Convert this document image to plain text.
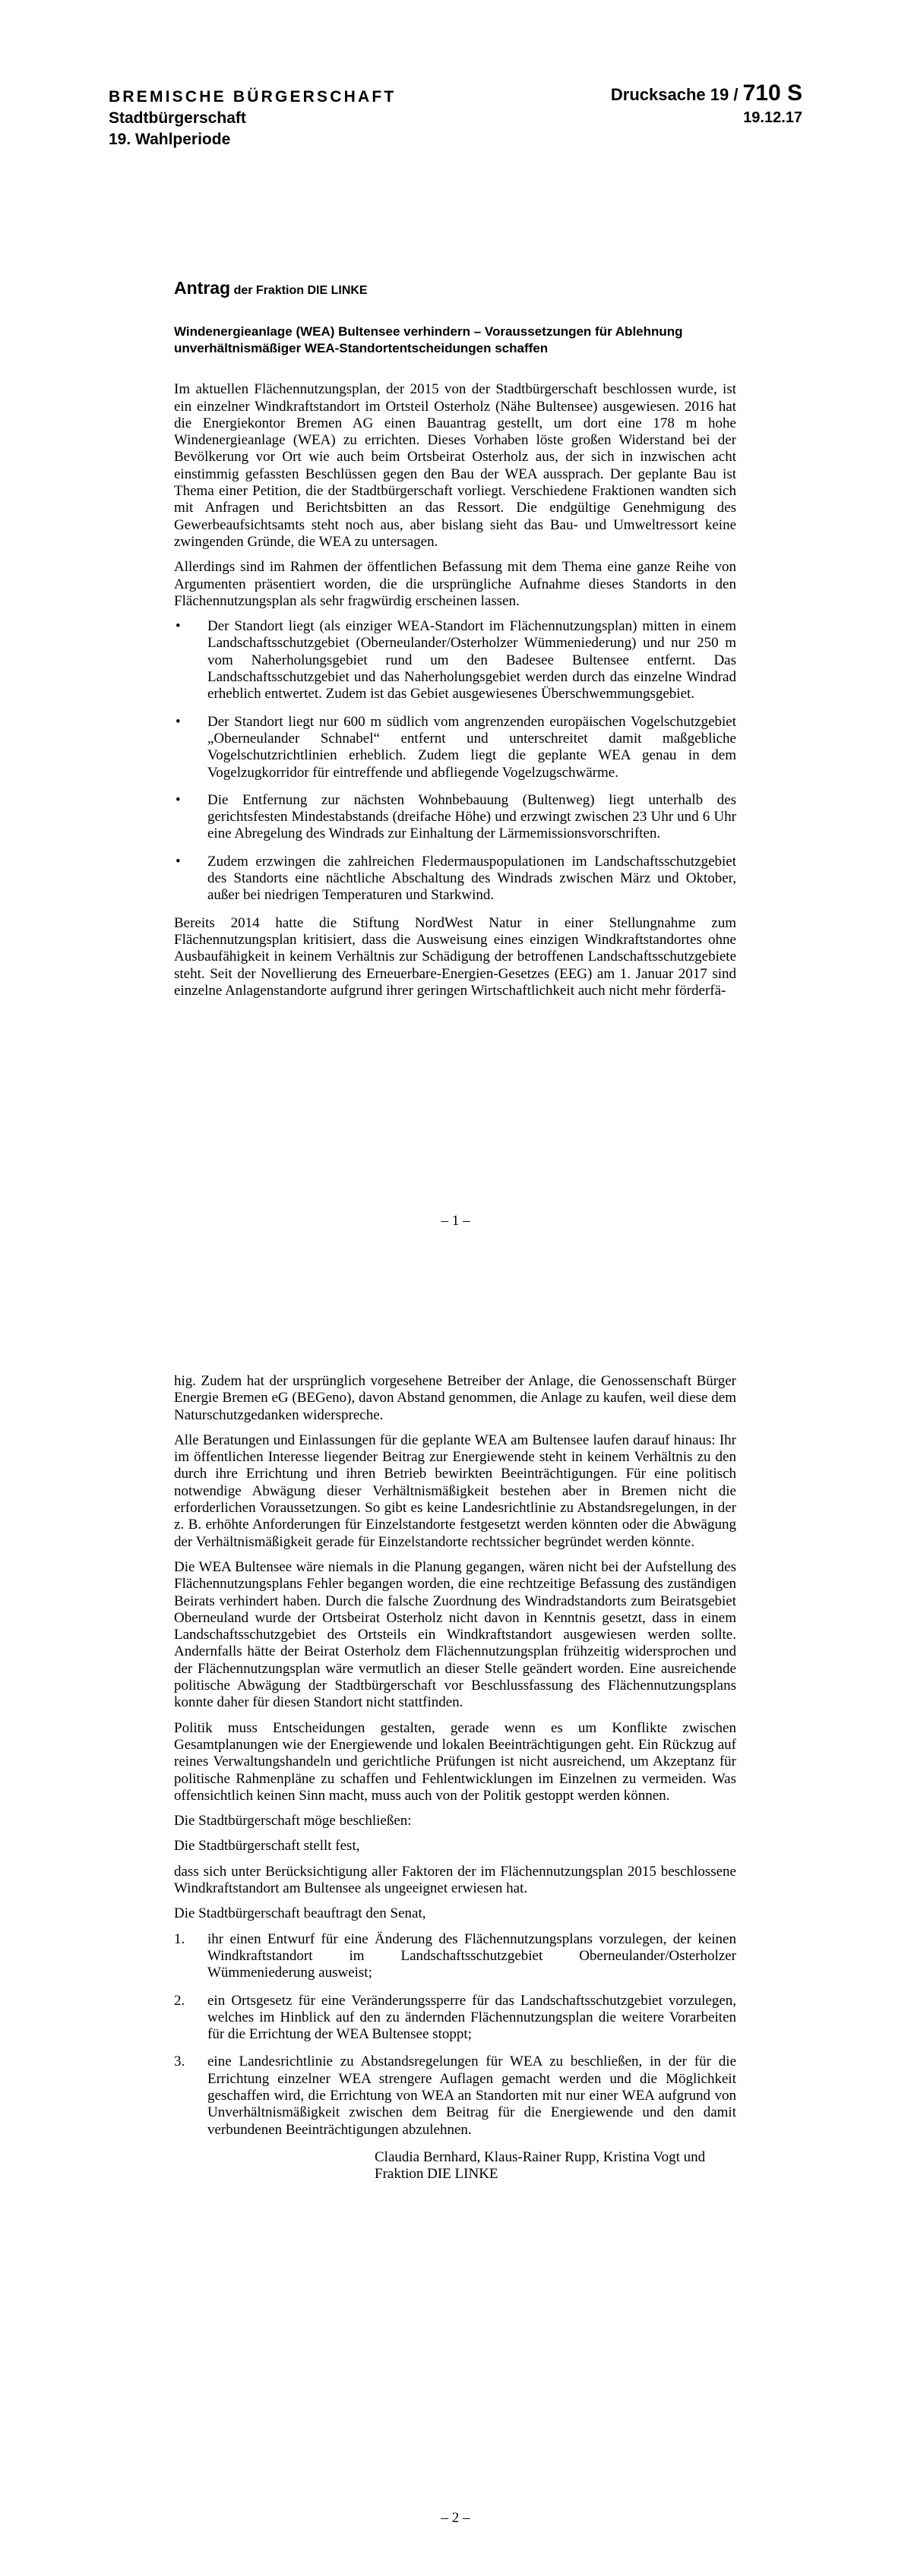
BREMISCHE BÜRGERSCHAFT
Stadtbürgerschaft
19. Wahlperiode
Drucksache 19 / 710 S
19.12.17
Antrag der Fraktion DIE LINKE
Windenergieanlage (WEA) Bultensee verhindern – Voraussetzungen für Ablehnung unverhältnismäßiger WEA-Standortentscheidungen schaffen

Im aktuellen Flächennutzungsplan, der 2015 von der Stadtbürgerschaft beschlossen wurde, ist ein einzelner Windkraftstandort im Ortsteil Osterholz (Nähe Bultensee) ausgewiesen. 2016 hat die Energiekontor Bremen AG einen Bauantrag gestellt, um dort eine 178 m hohe Windenergieanlage (WEA) zu errichten. Dieses Vorhaben löste großen Widerstand bei der Bevölkerung vor Ort wie auch beim Ortsbeirat Osterholz aus, der sich in inzwischen acht einstimmig gefassten Beschlüssen gegen den Bau der WEA aussprach. Der geplante Bau ist Thema einer Petition, die der Stadtbürgerschaft vorliegt. Verschiedene Fraktionen wandten sich mit Anfragen und Berichtsbitten an das Ressort. Die endgültige Genehmigung des Gewerbeaufsichtsamts steht noch aus, aber bislang sieht das Bau- und Umweltressort keine zwingenden Gründe, die WEA zu untersagen.

Allerdings sind im Rahmen der öffentlichen Befassung mit dem Thema eine ganze Reihe von Argumenten präsentiert worden, die die ursprüngliche Aufnahme dieses Standorts in den Flächennutzungsplan als sehr fragwürdig erscheinen lassen.

• Der Standort liegt (als einziger WEA-Standort im Flächennutzungsplan) mitten in einem Landschaftsschutzgebiet (Oberneulander/Osterholzer Wümmeniederung) und nur 250 m vom Naherholungsgebiet rund um den Badesee Bultensee entfernt. Das Landschaftsschutzgebiet und das Naherholungsgebiet werden durch das einzelne Windrad erheblich entwertet. Zudem ist das Gebiet ausgewiesenes Überschwemmungsgebiet.
• Der Standort liegt nur 600 m südlich vom angrenzenden europäischen Vogelschutzgebiet „Oberneulander Schnabel“ entfernt und unterschreitet damit maßgebliche Vogelschutzrichtlinien erheblich. Zudem liegt die geplante WEA genau in dem Vogelzugkorridor für eintreffende und abfliegende Vogelzugschwärme.
• Die Entfernung zur nächsten Wohnbebauung (Bultenweg) liegt unterhalb des gerichtsfesten Mindestabstands (dreifache Höhe) und erzwingt zwischen 23 Uhr und 6 Uhr eine Abregelung des Windrads zur Einhaltung der Lärmemissionsvorschriften.
• Zudem erzwingen die zahlreichen Fledermauspopulationen im Landschaftsschutzgebiet des Standorts eine nächtliche Abschaltung des Windrads zwischen März und Oktober, außer bei niedrigen Temperaturen und Starkwind.

Bereits 2014 hatte die Stiftung NordWest Natur in einer Stellungnahme zum Flächennutzungsplan kritisiert, dass die Ausweisung eines einzigen Windkraftstandortes ohne Ausbaufähigkeit in keinem Verhältnis zur Schädigung der betroffenen Landschaftsschutzgebiete steht. Seit der Novellierung des Erneuerbare-Energien-Gesetzes (EEG) am 1. Januar 2017 sind einzelne Anlagenstandorte aufgrund ihrer geringen Wirtschaftlichkeit auch nicht mehr förderfä-

– 1 –

hig. Zudem hat der ursprünglich vorgesehene Betreiber der Anlage, die Genossenschaft Bürger Energie Bremen eG (BEGeno), davon Abstand genommen, die Anlage zu kaufen, weil diese dem Naturschutzgedanken widerspreche.

Alle Beratungen und Einlassungen für die geplante WEA am Bultensee laufen darauf hinaus: Ihr im öffentlichen Interesse liegender Beitrag zur Energiewende steht in keinem Verhältnis zu den durch ihre Errichtung und ihren Betrieb bewirkten Beeinträchtigungen. Für eine politisch notwendige Abwägung dieser Verhältnismäßigkeit bestehen aber in Bremen nicht die erforderlichen Voraussetzungen. So gibt es keine Landesrichtlinie zu Abstandsregelungen, in der z. B. erhöhte Anforderungen für Einzelstandorte festgesetzt werden könnten oder die Abwägung der Verhältnismäßigkeit gerade für Einzelstandorte rechtssicher begründet werden könnte.

Die WEA Bultensee wäre niemals in die Planung gegangen, wären nicht bei der Aufstellung des Flächennutzungsplans Fehler begangen worden, die eine rechtzeitige Befassung des zuständigen Beirats verhindert haben. Durch die falsche Zuordnung des Windradstandorts zum Beiratsgebiet Oberneuland wurde der Ortsbeirat Osterholz nicht davon in Kenntnis gesetzt, dass in einem Landschaftsschutzgebiet des Ortsteils ein Windkraftstandort ausgewiesen werden sollte. Andernfalls hätte der Beirat Osterholz dem Flächennutzungsplan frühzeitig widersprochen und der Flächennutzungsplan wäre vermutlich an dieser Stelle geändert worden. Eine ausreichende politische Abwägung der Stadtbürgerschaft vor Beschlussfassung des Flächennutzungsplans konnte daher für diesen Standort nicht stattfinden.

Politik muss Entscheidungen gestalten, gerade wenn es um Konflikte zwischen Gesamtplanungen wie der Energiewende und lokalen Beeinträchtigungen geht. Ein Rückzug auf reines Verwaltungshandeln und gerichtliche Prüfungen ist nicht ausreichend, um Akzeptanz für politische Rahmenpläne zu schaffen und Fehlentwicklungen im Einzelnen zu vermeiden. Was offensichtlich keinen Sinn macht, muss auch von der Politik gestoppt werden können.

Die Stadtbürgerschaft möge beschließen:

Die Stadtbürgerschaft stellt fest,

dass sich unter Berücksichtigung aller Faktoren der im Flächennutzungsplan 2015 beschlossene Windkraftstandort am Bultensee als ungeeignet erwiesen hat.

Die Stadtbürgerschaft beauftragt den Senat,

1. ihr einen Entwurf für eine Änderung des Flächennutzungsplans vorzulegen, der keinen Windkraftstandort im Landschaftsschutzgebiet Oberneulander/Osterholzer Wümmeniederung ausweist;
2. ein Ortsgesetz für eine Veränderungssperre für das Landschaftsschutzgebiet vorzulegen, welches im Hinblick auf den zu ändernden Flächennutzungsplan die weitere Vorarbeiten für die Errichtung der WEA Bultensee stoppt;
3. eine Landesrichtlinie zu Abstandsregelungen für WEA zu beschließen, in der für die Errichtung einzelner WEA strengere Auflagen gemacht werden und die Möglichkeit geschaffen wird, die Errichtung von WEA an Standorten mit nur einer WEA aufgrund von Unverhältnismäßigkeit zwischen dem Beitrag für die Energiewende und den damit verbundenen Beeinträchtigungen abzulehnen.
Claudia Bernhard, Klaus-Rainer Rupp, Kristina Vogt und
Fraktion DIE LINKE
– 2 –
